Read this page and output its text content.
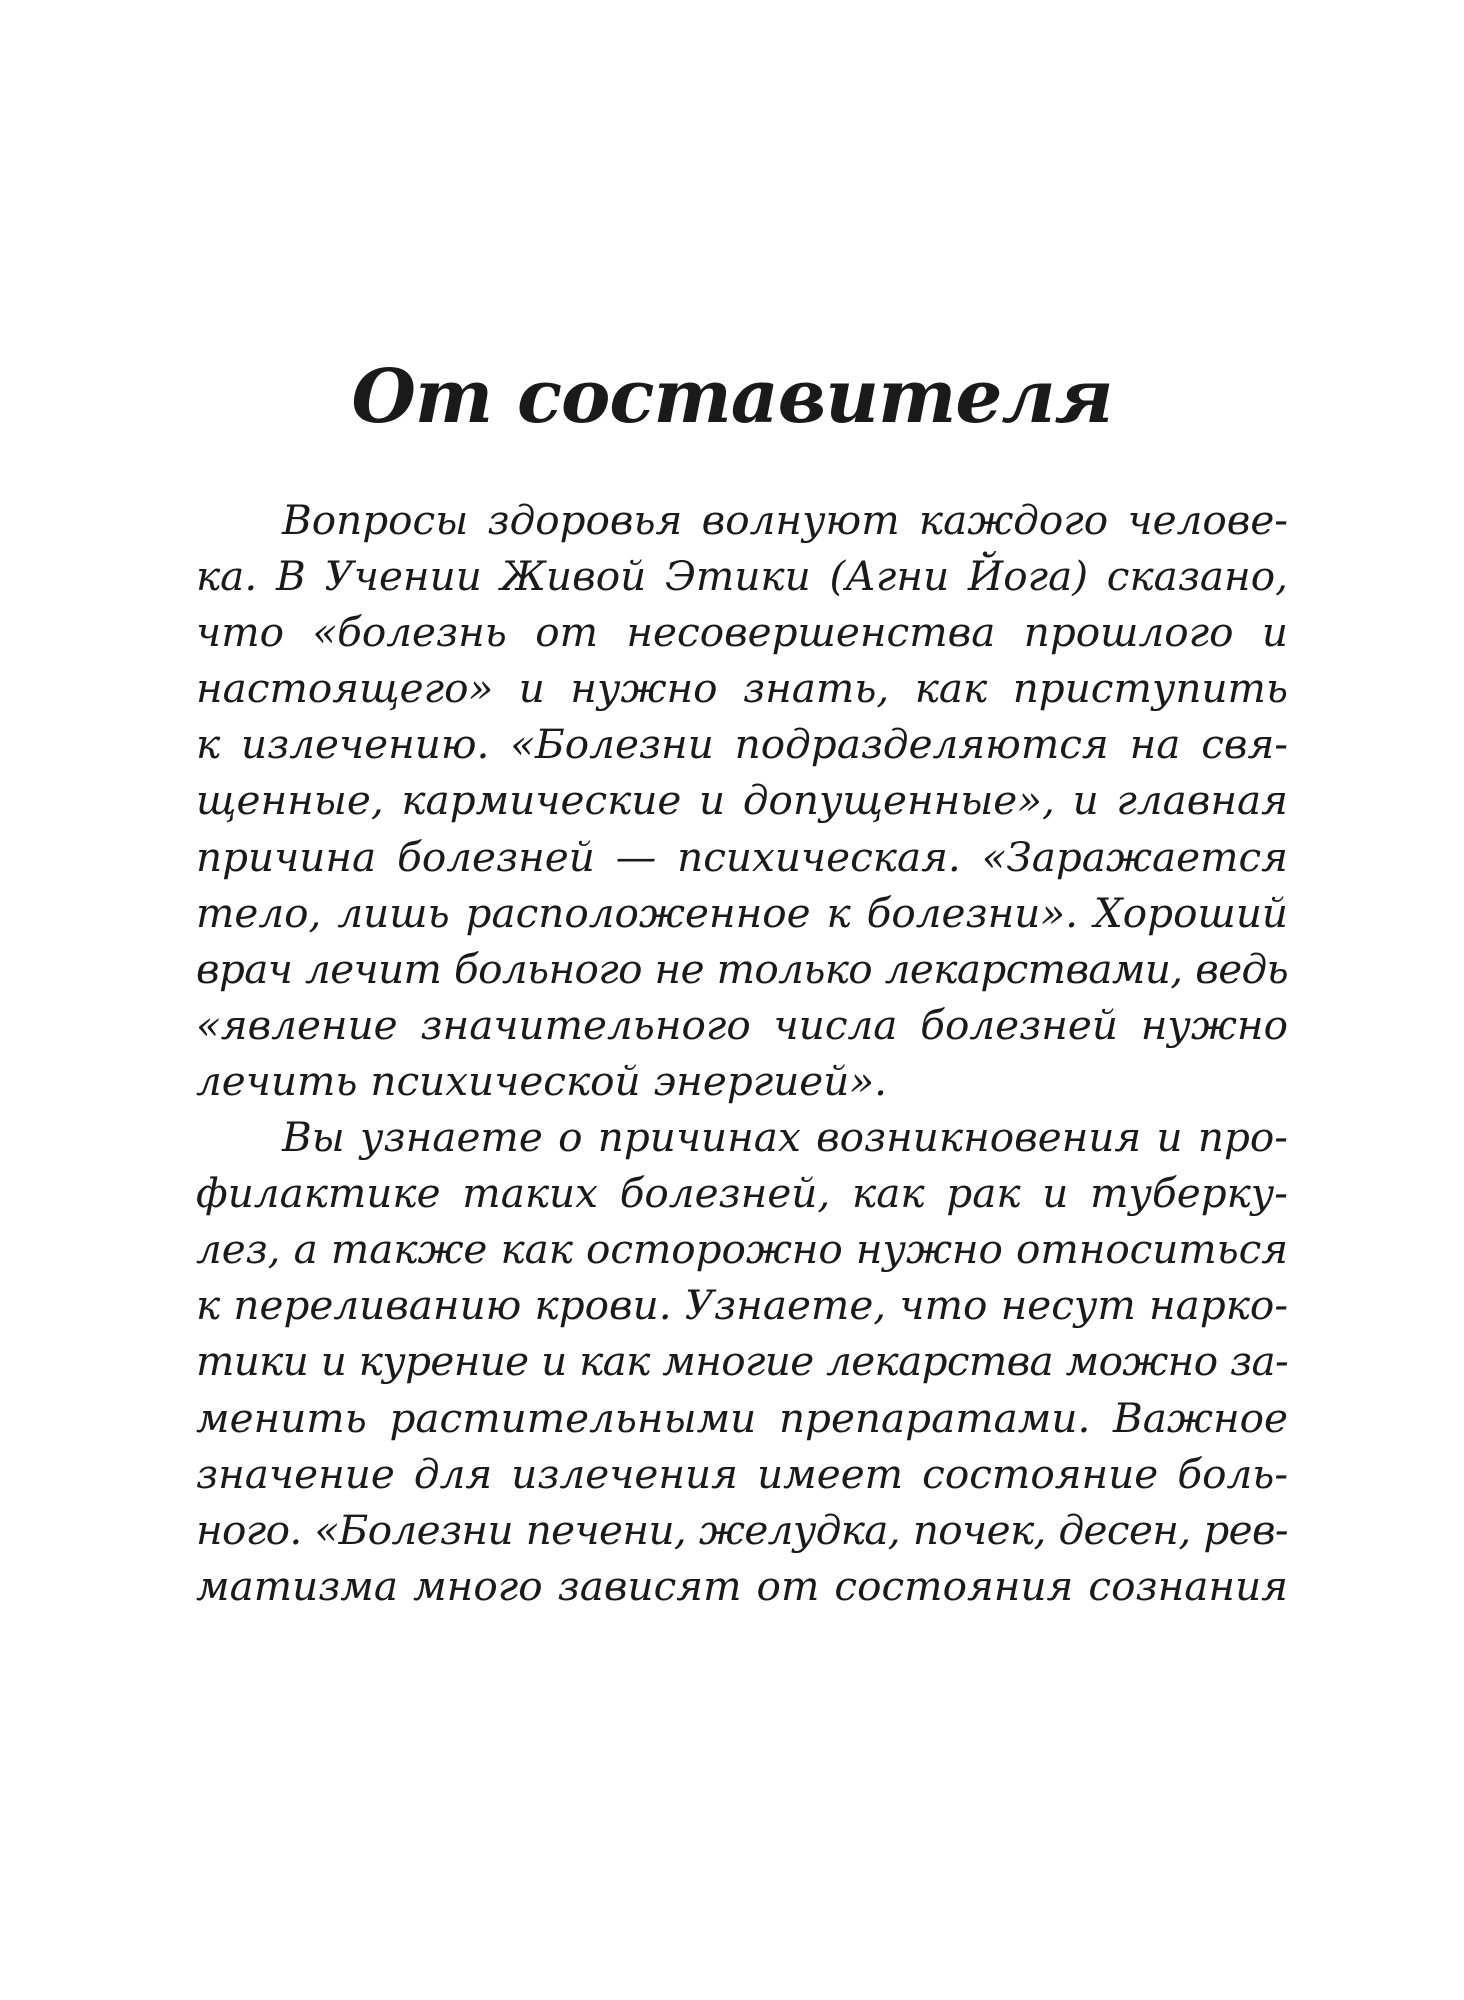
От составителя
Вопросы здоровья волнуют каждого челове-
ка. В Учении Живой Этики (Агни Йога) сказано,
что «болезнь от несовершенства прошлого и
настоящего» и нужно знать, как приступить
к излечению. «Болезни подразделяются на свя-
щенные, кармические и допущенные», и главная
причина болезней — психическая. «Заражается
тело, лишь расположенное к болезни». Хороший
врач лечит больного не только лекарствами, ведь
«явление значительного числа болезней нужно
лечить психической энергией».
Вы узнаете о причинах возникновения и про-
филактике таких болезней, как рак и туберку-
лез, а также как осторожно нужно относиться
к переливанию крови. Узнаете, что несут нарко-
тики и курение и как многие лекарства можно за-
менить растительными препаратами. Важное
значение для излечения имеет состояние боль-
ного. «Болезни печени, желудка, почек, десен, рев-
матизма много зависят от состояния сознания
